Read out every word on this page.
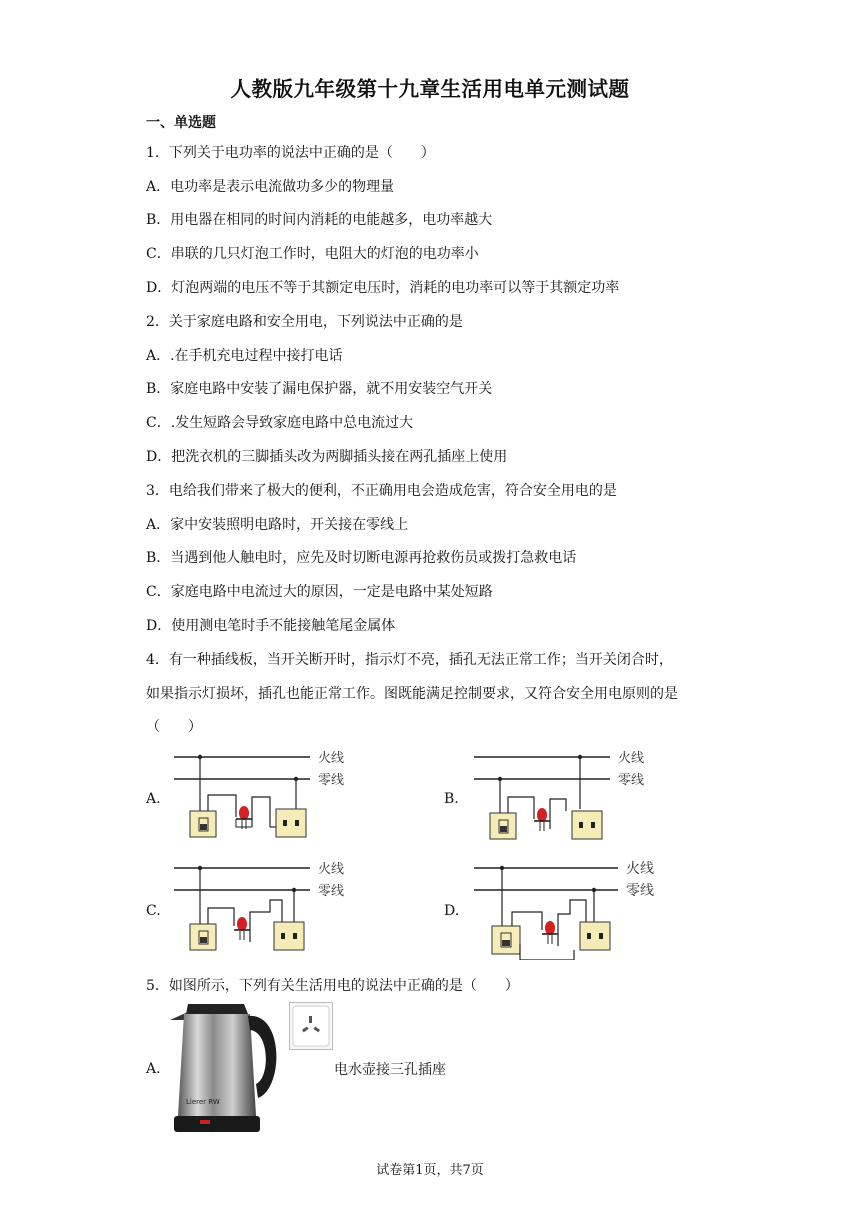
人教版九年级第十九章生活用电单元测试题
一、单选题
1．下列关于电功率的说法中正确的是（　　）
A．电功率是表示电流做功多少的物理量
B．用电器在相同的时间内消耗的电能越多，电功率越大
C．串联的几只灯泡工作时，电阻大的灯泡的电功率小
D．灯泡两端的电压不等于其额定电压时，消耗的电功率可以等于其额定功率
2．关于家庭电路和安全用电，下列说法中正确的是
A．.在手机充电过程中接打电话
B．家庭电路中安装了漏电保护器，就不用安装空气开关
C．.发生短路会导致家庭电路中总电流过大
D．把洗衣机的三脚插头改为两脚插头接在两孔插座上使用
3．电给我们带来了极大的便利，不正确用电会造成危害，符合安全用电的是
A．家中安装照明电路时，开关接在零线上
B．当遇到他人触电时，应先及时切断电源再抢救伤员或拨打急救电话
C．家庭电路中电流过大的原因，一定是电路中某处短路
D．使用测电笔时手不能接触笔尾金属体
4．有一种插线板，当开关断开时，指示灯不亮，插孔无法正常工作；当开关闭合时，
如果指示灯损坏，插孔也能正常工作。图既能满足控制要求，又符合安全用电原则的是
（　　）
A.	B.
C.	D.
火线
零线
火线
零线
火线
零线
火线
零线
5．如图所示，下列有关生活用电的说法中正确的是（　　）
A.
Lierer RW
电水壶接三孔插座
试卷第1页，共7页
